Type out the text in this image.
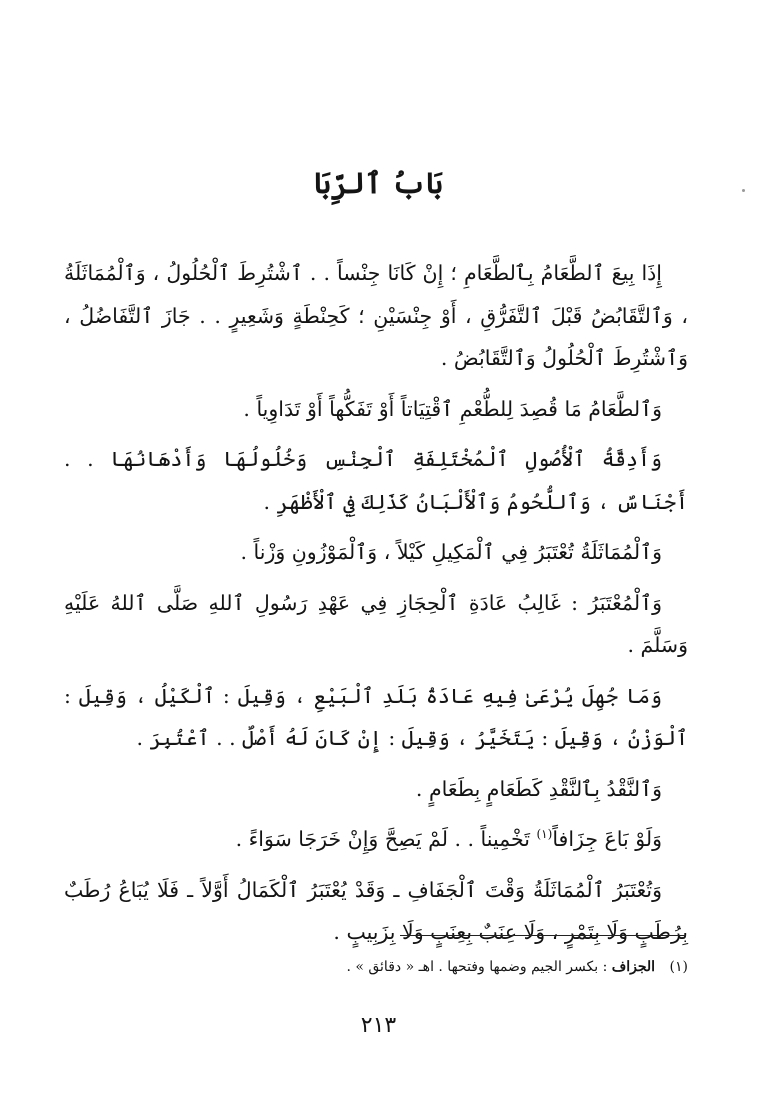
بَابُ ٱلرِّبَا

إِذَا بِيعَ ٱلطَّعَامُ بِٱلطَّعَامِ ؛ إِنْ كَانَا جِنْساً . . ٱشْتُرِطَ ٱلْحُلُولُ ، وَٱلْمُمَاثَلَةُ ، وَٱلتَّقَابُضُ قَبْلَ ٱلتَّفَرُّقِ ، أَوْ جِنْسَيْنِ ؛ كَحِنْطَةٍ وَشَعِيرٍ . . جَازَ ٱلتَّفَاضُلُ ، وَٱشْتُرِطَ ٱلْحُلُولُ وَٱلتَّقَابُضُ .

وَٱلطَّعَامُ مَا قُصِدَ لِلطُّعْمِ ٱقْتِيَاتاً أَوْ تَفَكُّهاً أَوْ تَدَاوِياً .

وَأَدِقَّةُ ٱلْأُصُولِ ٱلْمُخْتَلِفَةِ ٱلْجِنْسِ وَخُلُولُهَا وَأَدْهَانُهَا . . أَجْنَاسٌ ، وَٱللُّحُومُ وَٱلْأَلْبَانُ كَذَلِكَ فِي ٱلْأَظْهَرِ .

وَٱلْمُمَاثَلَةُ تُعْتَبَرُ فِي ٱلْمَكِيلِ كَيْلاً ، وَٱلْمَوْزُونِ وَزْناً .

وَٱلْمُعْتَبَرُ : غَالِبُ عَادَةِ ٱلْحِجَازِ فِي عَهْدِ رَسُولِ ٱللهِ صَلَّى ٱللهُ عَلَيْهِ وَسَلَّمَ .

وَمَا جُهِلَ يُرْعَىٰ فِيهِ عَادَةُ بَلَدِ ٱلْبَيْعِ ، وَقِيلَ : ٱلْكَيْلُ ، وَقِيلَ : ٱلْوَزْنُ ، وَقِيلَ : يَتَخَيَّرُ ، وَقِيلَ : إِنْ كَانَ لَهُ أَصْلٌ . . ٱعْتُبِرَ .

وَٱلنَّقْدُ بِٱلنَّقْدِ كَطَعَامٍ بِطَعَامٍ .

وَلَوْ بَاعَ جِزَافاً$^{(١)}$ تَخْمِيناً . . لَمْ يَصِحَّ وَإِنْ خَرَجَا سَوَاءً .

وَتُعْتَبَرُ ٱلْمُمَاثَلَةُ وَقْتَ ٱلْجَفَافِ ـ وَقَدْ يُعْتَبَرُ ٱلْكَمَالُ أَوَّلاً ـ فَلَا يُبَاعُ رُطَبٌ بِرُطَبٍ وَلَا بِتَمْرٍ ، وَلَا عِنَبٌ بِعِنَبٍ وَلَا بِزَبِيبٍ .

(١) الجزاف : بكسر الجيم وضمها وفتحها . اهـ « دقائق » .
٢١٣
